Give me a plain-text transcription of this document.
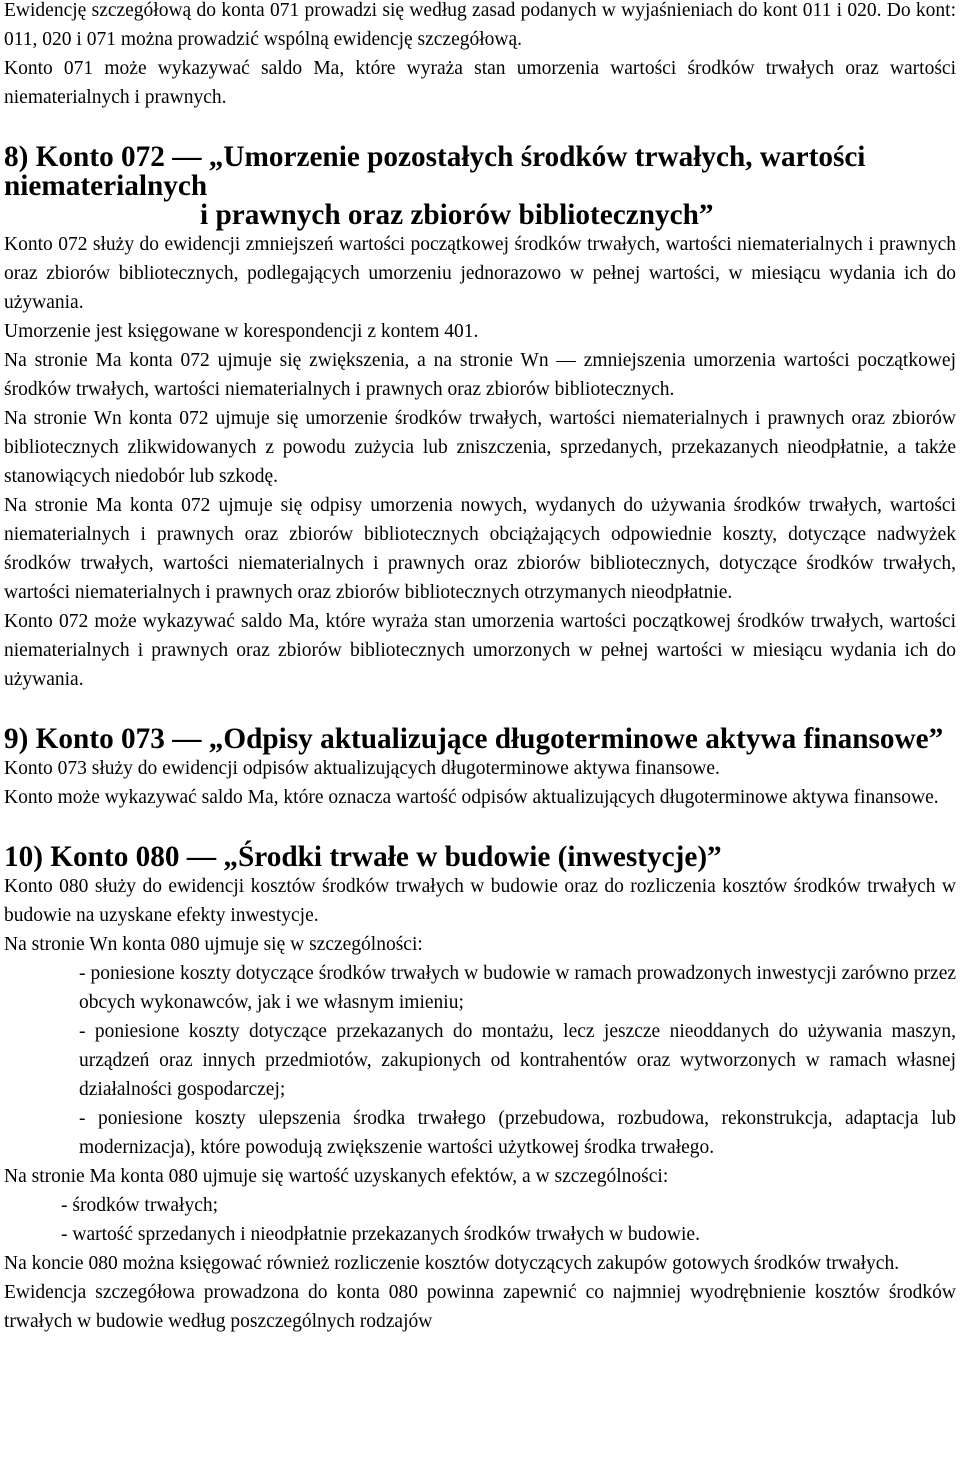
Ewidencję szczegółową do konta 071 prowadzi się według zasad podanych w wyjaśnieniach do kont 011 i 020. Do kont: 011, 020 i 071 można prowadzić wspólną ewidencję szczegółową.

Konto 071 może wykazywać saldo Ma, które wyraża stan umorzenia wartości środków trwałych oraz wartości niematerialnych i prawnych.

8) Konto 072 — „Umorzenie pozostałych środków trwałych, wartości niematerialnych
i prawnych oraz zbiorów bibliotecznych”

Konto 072 służy do ewidencji zmniejszeń wartości początkowej środków trwałych, wartości niematerialnych i prawnych oraz zbiorów bibliotecznych, podlegających umorzeniu jednorazowo w pełnej wartości, w miesiącu wydania ich do używania.

Umorzenie jest księgowane w korespondencji z kontem 401.

Na stronie Ma konta 072 ujmuje się zwiększenia, a na stronie Wn — zmniejszenia umorzenia wartości początkowej środków trwałych, wartości niematerialnych i prawnych oraz zbiorów bibliotecznych.

Na stronie Wn konta 072 ujmuje się umorzenie środków trwałych, wartości niematerialnych i prawnych oraz zbiorów bibliotecznych zlikwidowanych z powodu zużycia lub zniszczenia, sprzedanych, przekazanych nieodpłatnie, a także stanowiących niedobór lub szkodę.

Na stronie Ma konta 072 ujmuje się odpisy umorzenia nowych, wydanych do używania środków trwałych, wartości niematerialnych i prawnych oraz zbiorów bibliotecznych obciążających odpowiednie koszty, dotyczące nadwyżek środków trwałych, wartości niematerialnych i prawnych oraz zbiorów bibliotecznych, dotyczące środków trwałych, wartości niematerialnych i prawnych oraz zbiorów bibliotecznych otrzymanych nieodpłatnie.

Konto 072 może wykazywać saldo Ma, które wyraża stan umorzenia wartości początkowej środków trwałych, wartości niematerialnych i prawnych oraz zbiorów bibliotecznych umorzonych w pełnej wartości w miesiącu wydania ich do używania.

9) Konto 073 — „Odpisy aktualizujące długoterminowe aktywa finansowe”

Konto 073 służy do ewidencji odpisów aktualizujących długoterminowe aktywa finansowe.

Konto może wykazywać saldo Ma, które oznacza wartość odpisów aktualizujących długoterminowe aktywa finansowe.

10) Konto 080 — „Środki trwałe w budowie (inwestycje)”

Konto 080 służy do ewidencji kosztów środków trwałych w budowie oraz do rozliczenia kosztów środków trwałych w budowie na uzyskane efekty inwestycje.

Na stronie Wn konta 080 ujmuje się w szczególności:

- poniesione koszty dotyczące środków trwałych w budowie w ramach prowadzonych inwestycji zarówno przez obcych wykonawców, jak i we własnym imieniu;

- poniesione koszty dotyczące przekazanych do montażu, lecz jeszcze nieoddanych do używania maszyn, urządzeń oraz innych przedmiotów, zakupionych od kontrahentów oraz wytworzonych w ramach własnej działalności gospodarczej;

- poniesione koszty ulepszenia środka trwałego (przebudowa, rozbudowa, rekonstrukcja, adaptacja lub modernizacja), które powodują zwiększenie wartości użytkowej środka trwałego.

Na stronie Ma konta 080 ujmuje się wartość uzyskanych efektów, a w szczególności:

- środków trwałych;

- wartość sprzedanych i nieodpłatnie przekazanych środków trwałych w budowie.

Na koncie 080 można księgować również rozliczenie kosztów dotyczących zakupów gotowych środków trwałych.

Ewidencja szczegółowa prowadzona do konta 080 powinna zapewnić co najmniej wyodrębnienie kosztów środków trwałych w budowie według poszczególnych rodzajów
